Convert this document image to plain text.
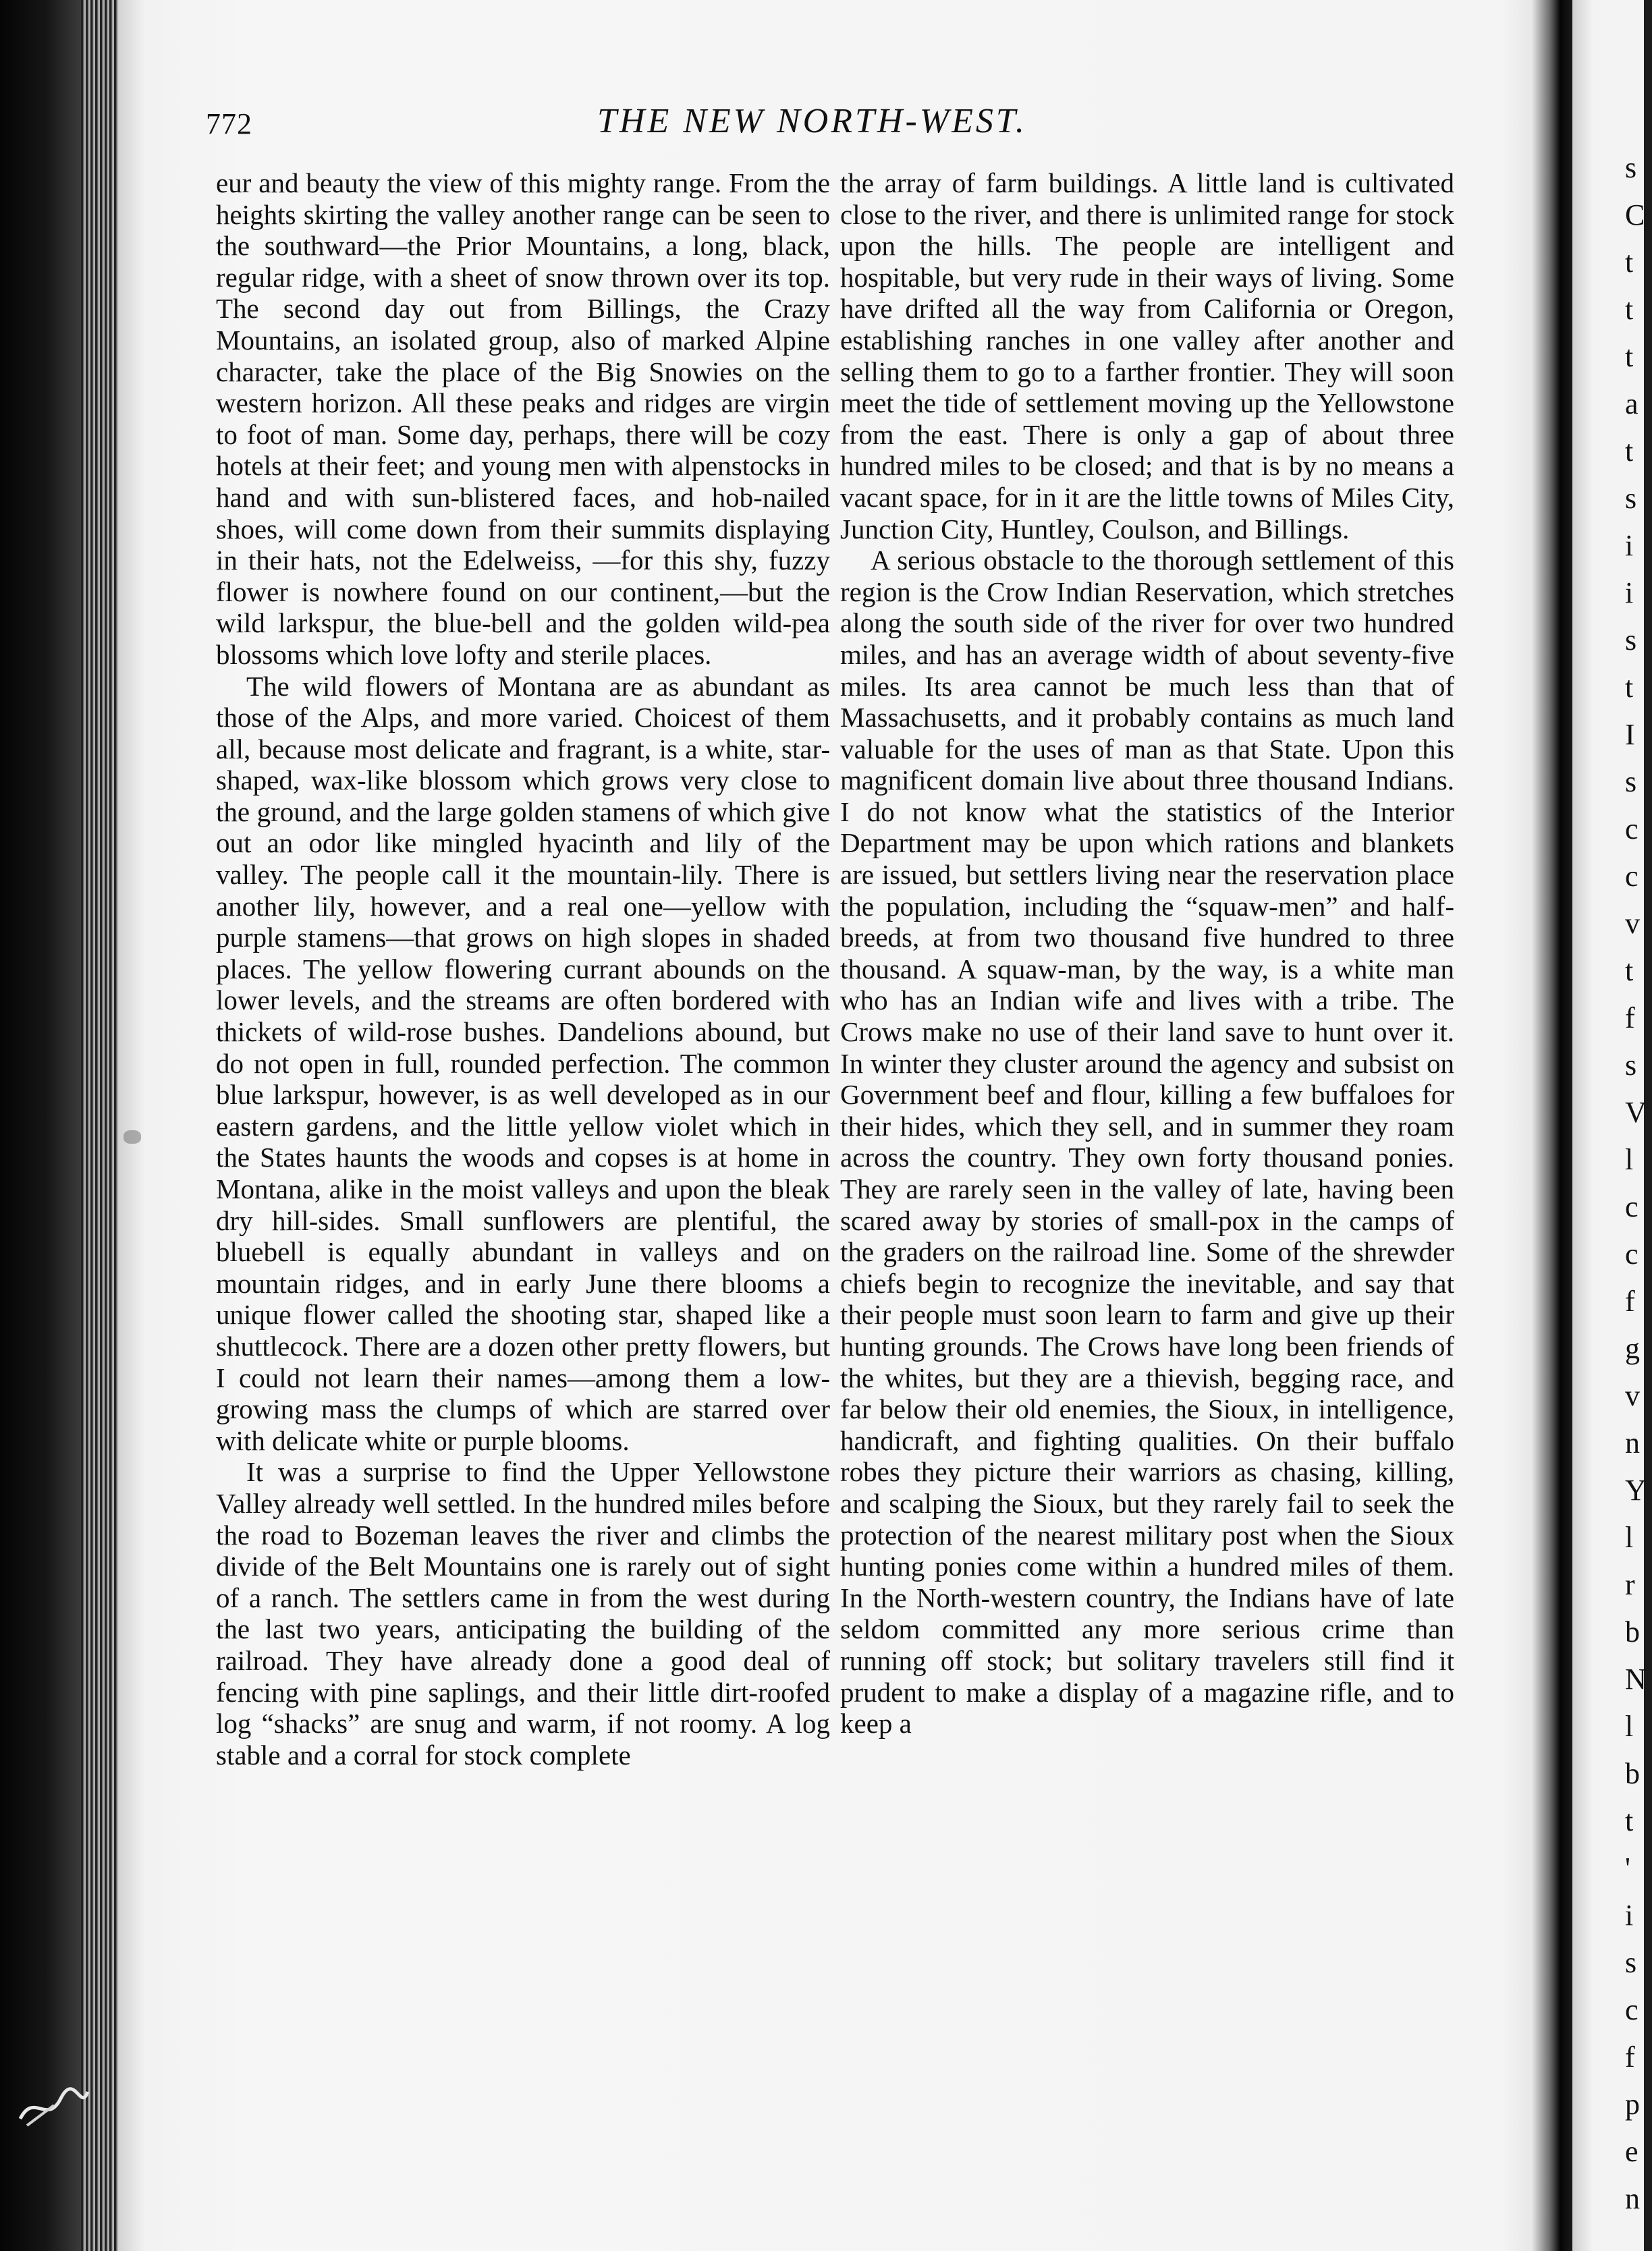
772	THE NEW NORTH-WEST.

eur and beauty the view of this mighty range. From the heights skirting the valley another range can be seen to the southward—the Prior Mountains, a long, black, regular ridge, with a sheet of snow thrown over its top. The second day out from Billings, the Crazy Mountains, an isolated group, also of marked Alpine character, take the place of the Big Snowies on the western horizon. All these peaks and ridges are virgin to foot of man. Some day, perhaps, there will be cozy hotels at their feet; and young men with alpenstocks in hand and with sun-blistered faces, and hob-nailed shoes, will come down from their summits displaying in their hats, not the Edelweiss, —for this shy, fuzzy flower is nowhere found on our continent,—but the wild larkspur, the blue-bell and the golden wild-pea blossoms which love lofty and sterile places.

The wild flowers of Montana are as abundant as those of the Alps, and more varied. Choicest of them all, because most delicate and fragrant, is a white, star-shaped, wax-like blossom which grows very close to the ground, and the large golden stamens of which give out an odor like mingled hyacinth and lily of the valley. The people call it the mountain-lily. There is another lily, however, and a real one—yellow with purple stamens—that grows on high slopes in shaded places. The yellow flowering currant abounds on the lower levels, and the streams are often bordered with thickets of wild-rose bushes. Dandelions abound, but do not open in full, rounded perfection. The common blue larkspur, however, is as well developed as in our eastern gardens, and the little yellow violet which in the States haunts the woods and copses is at home in Montana, alike in the moist valleys and upon the bleak dry hill-sides. Small sunflowers are plentiful, the bluebell is equally abundant in valleys and on mountain ridges, and in early June there blooms a unique flower called the shooting star, shaped like a shuttlecock. There are a dozen other pretty flowers, but I could not learn their names—among them a low-growing mass the clumps of which are starred over with delicate white or purple blooms.

It was a surprise to find the Upper Yellowstone Valley already well settled. In the hundred miles before the road to Bozeman leaves the river and climbs the divide of the Belt Mountains one is rarely out of sight of a ranch. The settlers came in from the west during the last two years, anticipating the building of the railroad. They have already done a good deal of fencing with pine saplings, and their little dirt-roofed log “shacks” are snug and warm, if not roomy. A log stable and a corral for stock complete

the array of farm buildings. A little land is cultivated close to the river, and there is unlimited range for stock upon the hills. The people are intelligent and hospitable, but very rude in their ways of living. Some have drifted all the way from California or Oregon, establishing ranches in one valley after another and selling them to go to a farther frontier. They will soon meet the tide of settlement moving up the Yellowstone from the east. There is only a gap of about three hundred miles to be closed; and that is by no means a vacant space, for in it are the little towns of Miles City, Junction City, Huntley, Coulson, and Billings.

A serious obstacle to the thorough settlement of this region is the Crow Indian Reservation, which stretches along the south side of the river for over two hundred miles, and has an average width of about seventy-five miles. Its area cannot be much less than that of Massachusetts, and it probably contains as much land valuable for the uses of man as that State. Upon this magnificent domain live about three thousand Indians. I do not know what the statistics of the Interior Department may be upon which rations and blankets are issued, but settlers living near the reservation place the population, including the “squaw-men” and half-breeds, at from two thousand five hundred to three thousand. A squaw-man, by the way, is a white man who has an Indian wife and lives with a tribe. The Crows make no use of their land save to hunt over it. In winter they cluster around the agency and subsist on Government beef and flour, killing a few buffaloes for their hides, which they sell, and in summer they roam across the country. They own forty thousand ponies. They are rarely seen in the valley of late, having been scared away by stories of small-pox in the camps of the graders on the railroad line. Some of the shrewder chiefs begin to recognize the inevitable, and say that their people must soon learn to farm and give up their hunting grounds. The Crows have long been friends of the whites, but they are a thievish, begging race, and far below their old enemies, the Sioux, in intelligence, handicraft, and fighting qualities. On their buffalo robes they picture their warriors as chasing, killing, and scalping the Sioux, but they rarely fail to seek the protection of the nearest military post when the Sioux hunting ponies come within a hundred miles of them. In the North-western country, the Indians have of late seldom committed any more serious crime than running off stock; but solitary travelers still find it prudent to make a display of a magazine rifle, and to keep a

s
C
t
t
t
a
t
s
i
i
s
t
I
s
c
c
v
t
f
s
V
l
c
c
f
g
v
n
Y
l
r
b
N
l
b
t
'
i
s
c
f
p
e
n
